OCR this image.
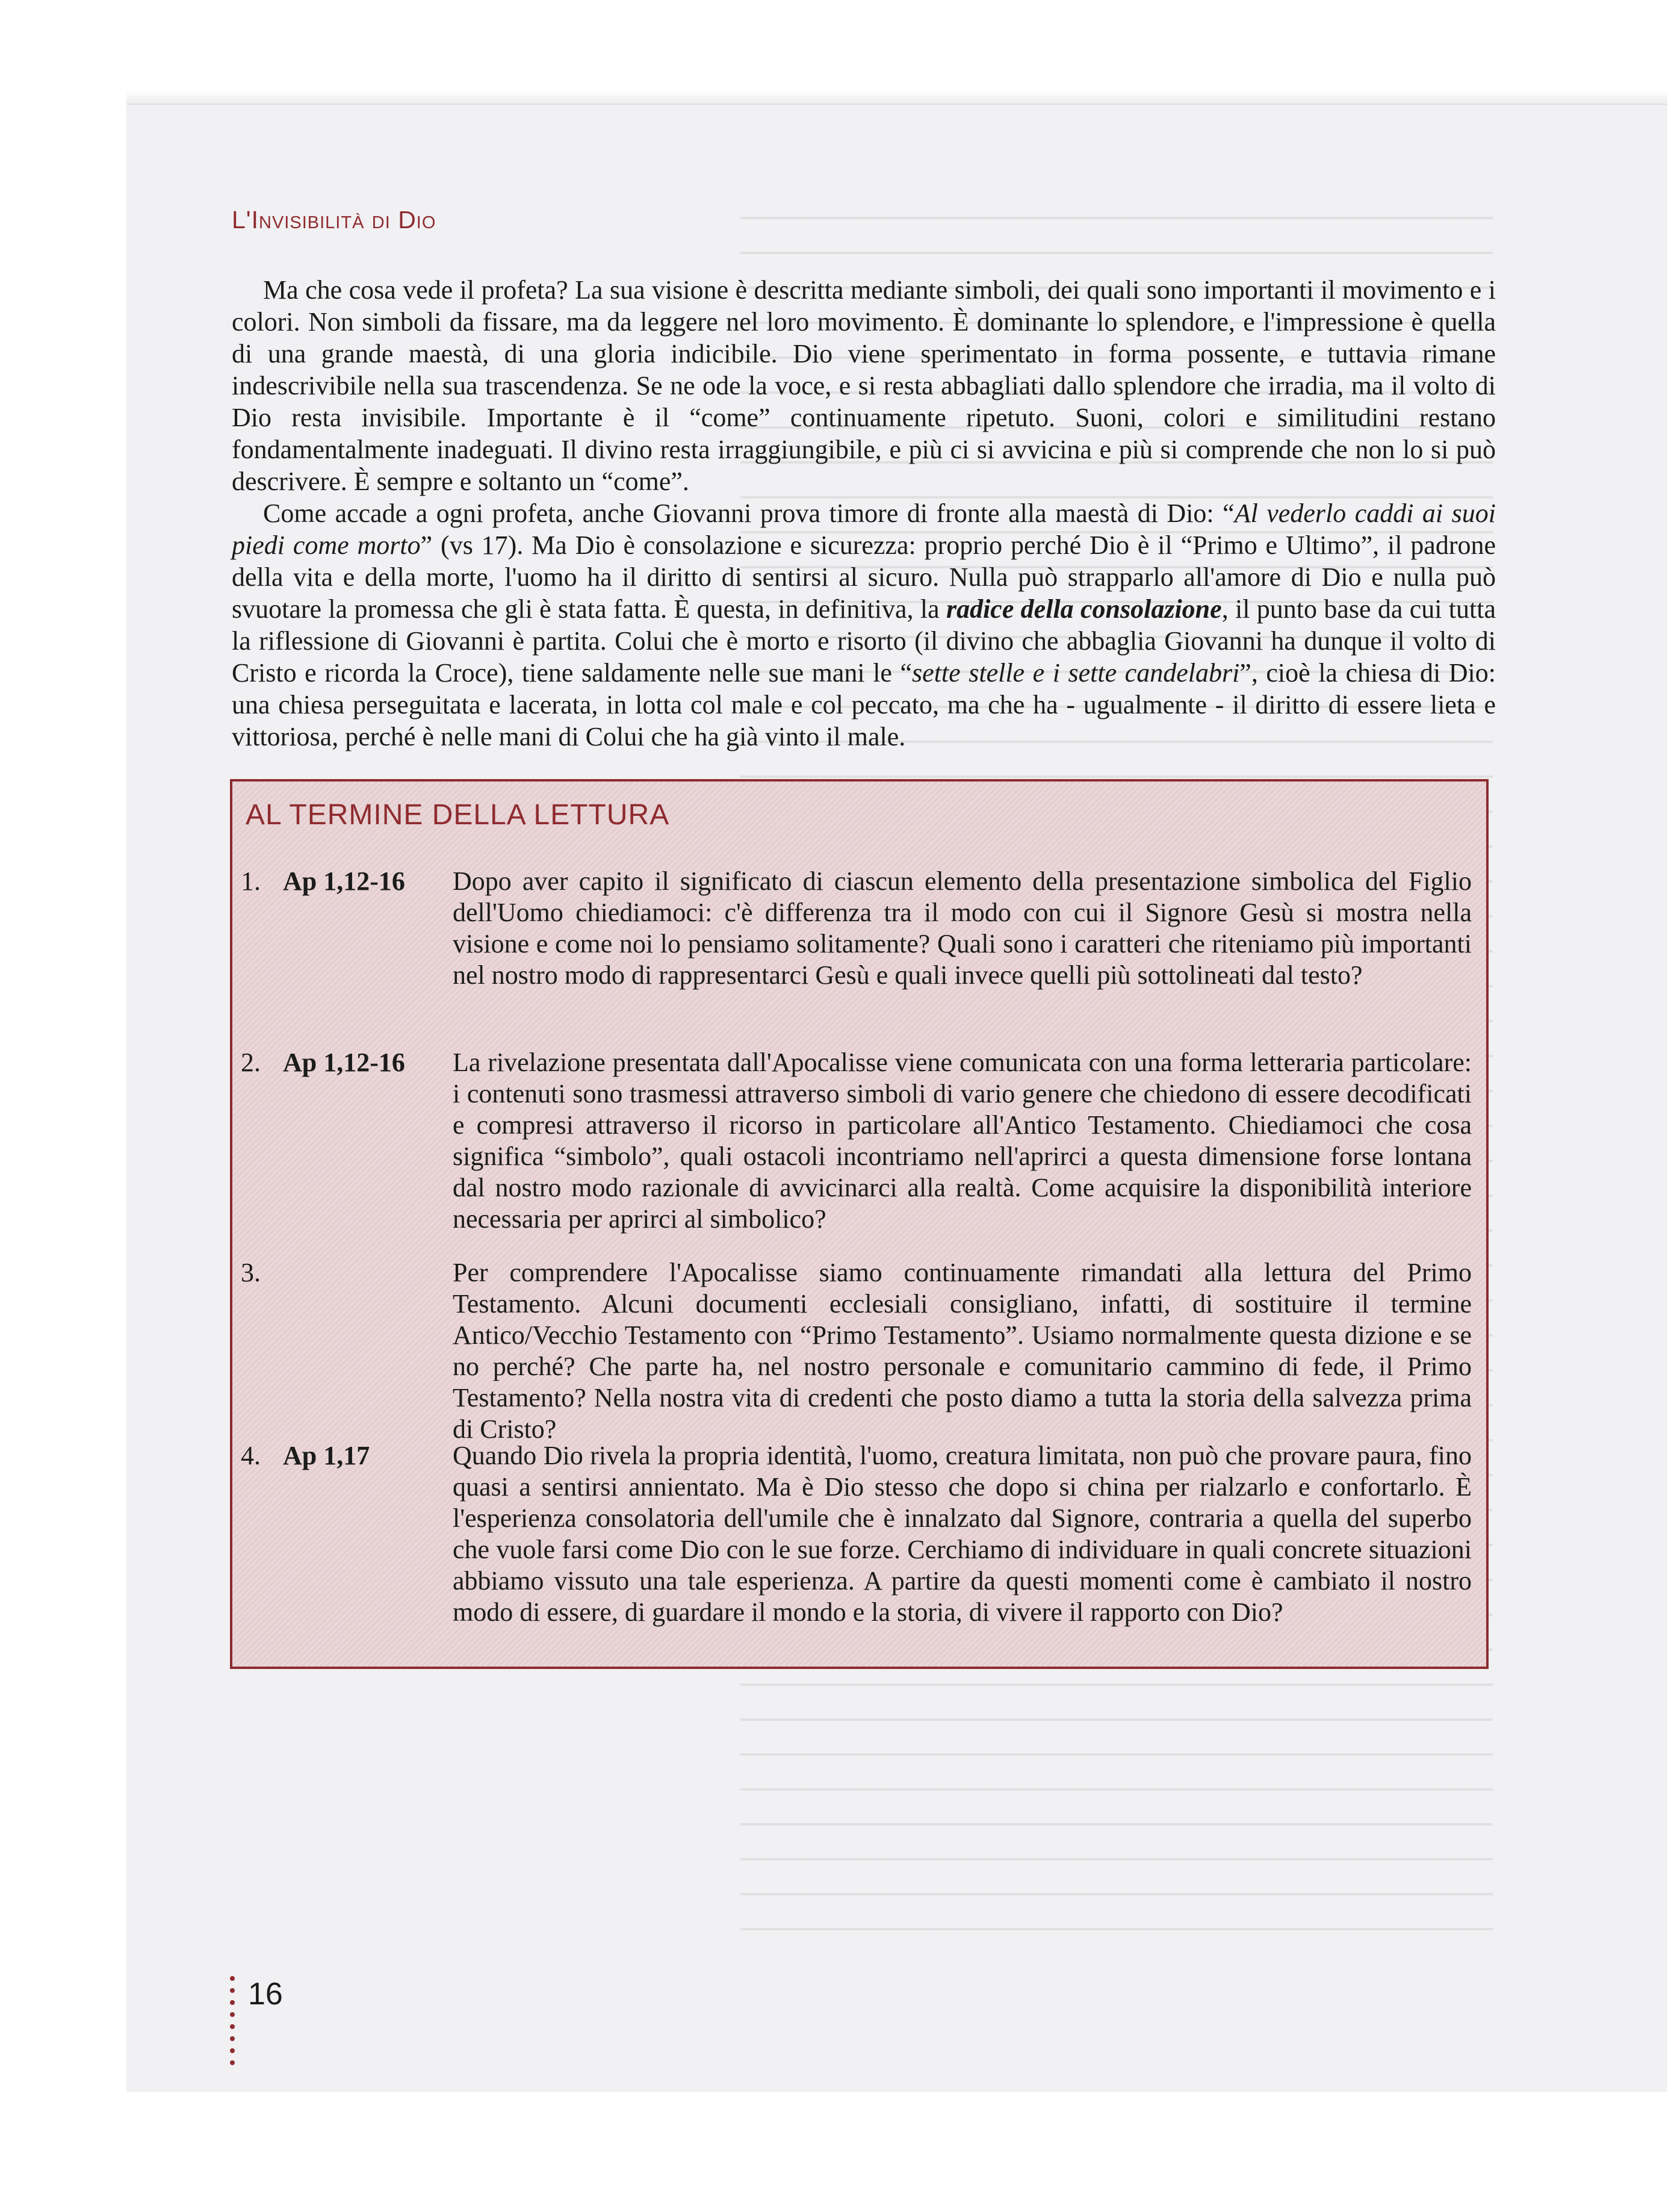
L'Invisibilità di Dio

Ma che cosa vede il profeta? La sua visione è descritta mediante simboli, dei quali sono importanti il movimento e i colori. Non simboli da fissare, ma da leggere nel loro movimento. È dominante lo splendore, e l'impressione è quella di una grande maestà, di una gloria indicibile. Dio viene sperimentato in forma possente, e tuttavia rimane indescrivibile nella sua trascendenza. Se ne ode la voce, e si resta abbagliati dallo splendore che irradia, ma il volto di Dio resta invisibile. Importante è il “come” continuamente ripetuto. Suoni, colori e similitudini restano fondamentalmente inadeguati. Il divino resta irraggiungibile, e più ci si avvicina e più si comprende che non lo si può descrivere. È sempre e soltanto un “come”.

Come accade a ogni profeta, anche Giovanni prova timore di fronte alla maestà di Dio: “Al vederlo caddi ai suoi piedi come morto” (vs 17). Ma Dio è consolazione e sicurezza: proprio perché Dio è il “Primo e Ultimo”, il padrone della vita e della morte, l'uomo ha il diritto di sentirsi al sicuro. Nulla può strapparlo all'amore di Dio e nulla può svuotare la promessa che gli è stata fatta. È questa, in definitiva, la radice della consolazione, il punto base da cui tutta la riflessione di Giovanni è partita. Colui che è morto e risorto (il divino che abbaglia Giovanni ha dunque il volto di Cristo e ricorda la Croce), tiene saldamente nelle sue mani le “sette stelle e i sette candelabri”, cioè la chiesa di Dio: una chiesa perseguitata e lacerata, in lotta col male e col peccato, ma che ha - ugualmente - il diritto di essere lieta e vittoriosa, perché è nelle mani di Colui che ha già vinto il male.

AL TERMINE DELLA LETTURA
1. Ap 1,12-16 Dopo aver capito il significato di ciascun elemento della presentazione simbolica del Figlio dell'Uomo chiediamoci: c'è differenza tra il modo con cui il Signore Gesù si mostra nella visione e come noi lo pensiamo solitamente? Quali sono i caratteri che riteniamo più importanti nel nostro modo di rappresentarci Gesù e quali invece quelli più sottolineati dal testo?
2. Ap 1,12-16 La rivelazione presentata dall'Apocalisse viene comunicata con una forma letteraria particolare: i contenuti sono trasmessi attraverso simboli di vario genere che chiedono di essere decodificati e compresi attraverso il ricorso in particolare all'Antico Testamento. Chiediamoci che cosa significa “simbolo”, quali ostacoli incontriamo nell'aprirci a questa dimensione forse lontana dal nostro modo razionale di avvicinarci alla realtà. Come acquisire la disponibilità interiore necessaria per aprirci al simbolico?
3.	Per comprendere l'Apocalisse siamo continuamente rimandati alla lettura del Primo Testamento. Alcuni documenti ecclesiali consigliano, infatti, di sostituire il termine Antico/Vecchio Testamento con “Primo Testamento”. Usiamo normalmente questa dizione e se no perché? Che parte ha, nel nostro personale e comunitario cammino di fede, il Primo Testamento? Nella nostra vita di credenti che posto diamo a tutta la storia della salvezza prima di Cristo?
4. Ap 1,17	Quando Dio rivela la propria identità, l'uomo, creatura limitata, non può che provare paura, fino quasi a sentirsi annientato. Ma è Dio stesso che dopo si china per rialzarlo e confortarlo. È l'esperienza consolatoria dell'umile che è innalzato dal Signore, contraria a quella del superbo che vuole farsi come Dio con le sue forze. Cerchiamo di individuare in quali concrete situazioni abbiamo vissuto una tale esperienza. A partire da questi momenti come è cambiato il nostro modo di essere, di guardare il mondo e la storia, di vivere il rapporto con Dio?
16
